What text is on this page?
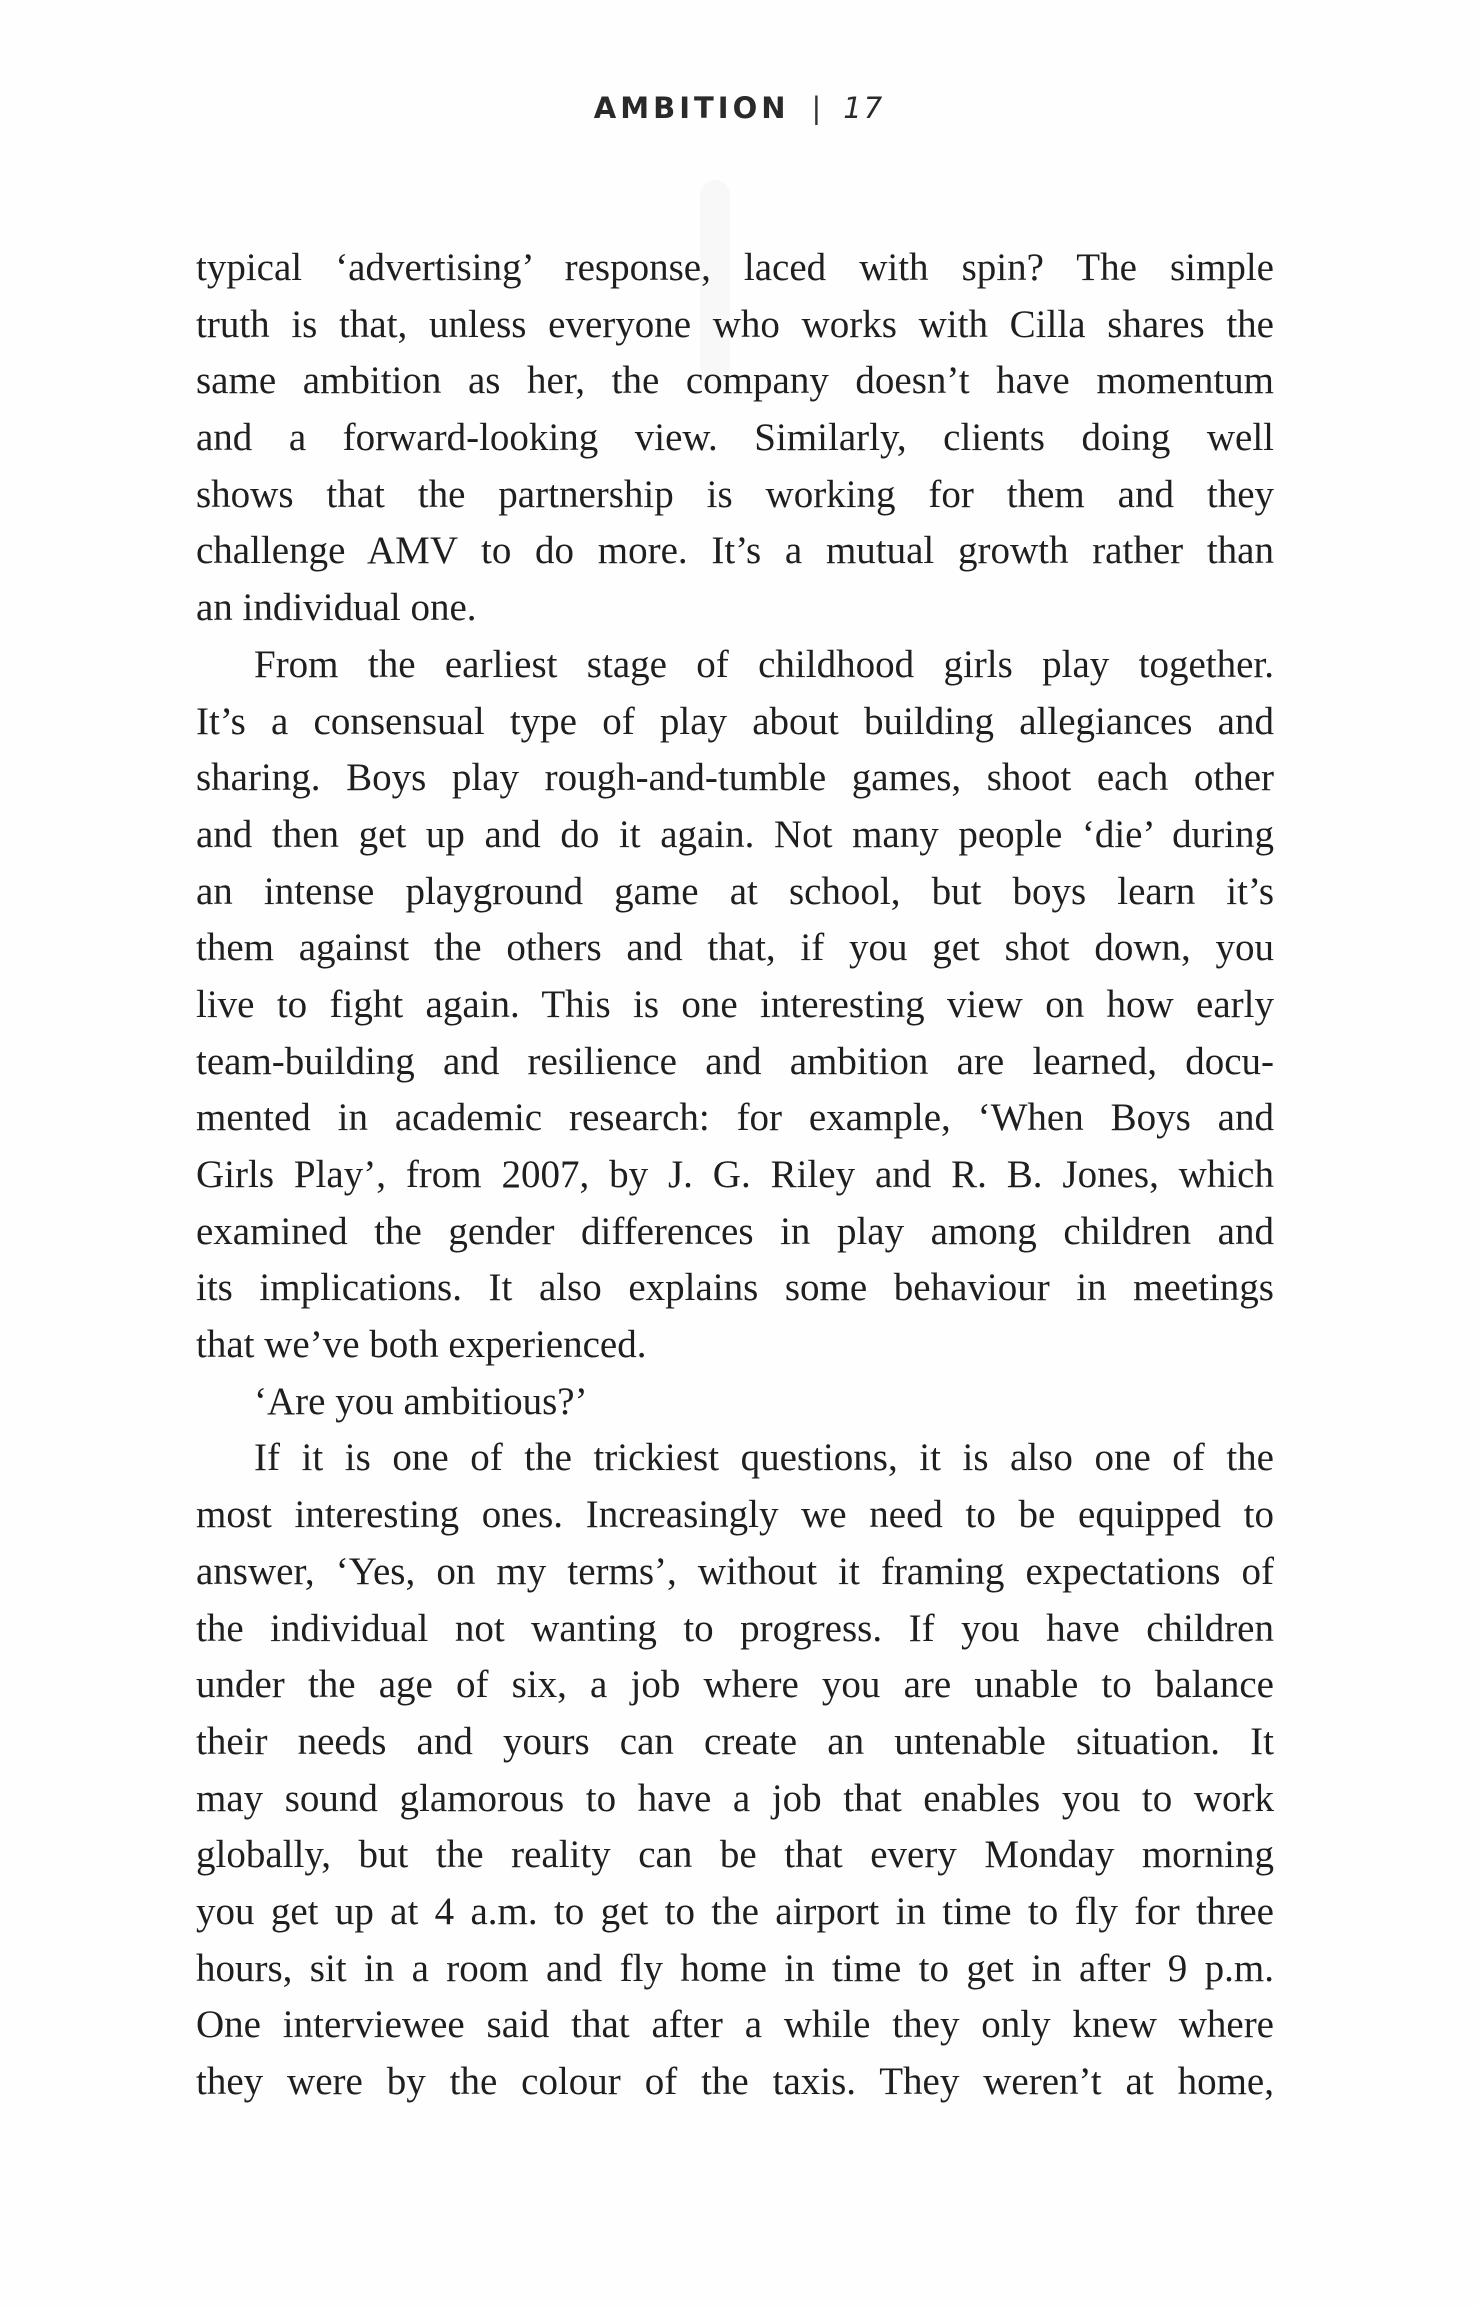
AMBITION | 17
typical ‘advertising’ response, laced with spin? The simple
truth is that, unless everyone who works with Cilla shares the
same ambition as her, the company doesn’t have momentum
and a forward-looking view. Similarly, clients doing well
shows that the partnership is working for them and they
challenge AMV to do more. It’s a mutual growth rather than
an individual one.
From the earliest stage of childhood girls play together.
It’s a consensual type of play about building allegiances and
sharing. Boys play rough-and-tumble games, shoot each other
and then get up and do it again. Not many people ‘die’ during
an intense playground game at school, but boys learn it’s
them against the others and that, if you get shot down, you
live to fight again. This is one interesting view on how early
team-building and resilience and ambition are learned, docu-
mented in academic research: for example, ‘When Boys and
Girls Play’, from 2007, by J. G. Riley and R. B. Jones, which
examined the gender differences in play among children and
its implications. It also explains some behaviour in meetings
that we’ve both experienced.
‘Are you ambitious?’
If it is one of the trickiest questions, it is also one of the
most interesting ones. Increasingly we need to be equipped to
answer, ‘Yes, on my terms’, without it framing expectations of
the individual not wanting to progress. If you have children
under the age of six, a job where you are unable to balance
their needs and yours can create an untenable situation. It
may sound glamorous to have a job that enables you to work
globally, but the reality can be that every Monday morning
you get up at 4 a.m. to get to the airport in time to fly for three
hours, sit in a room and fly home in time to get in after 9 p.m.
One interviewee said that after a while they only knew where
they were by the colour of the taxis. They weren’t at home,
